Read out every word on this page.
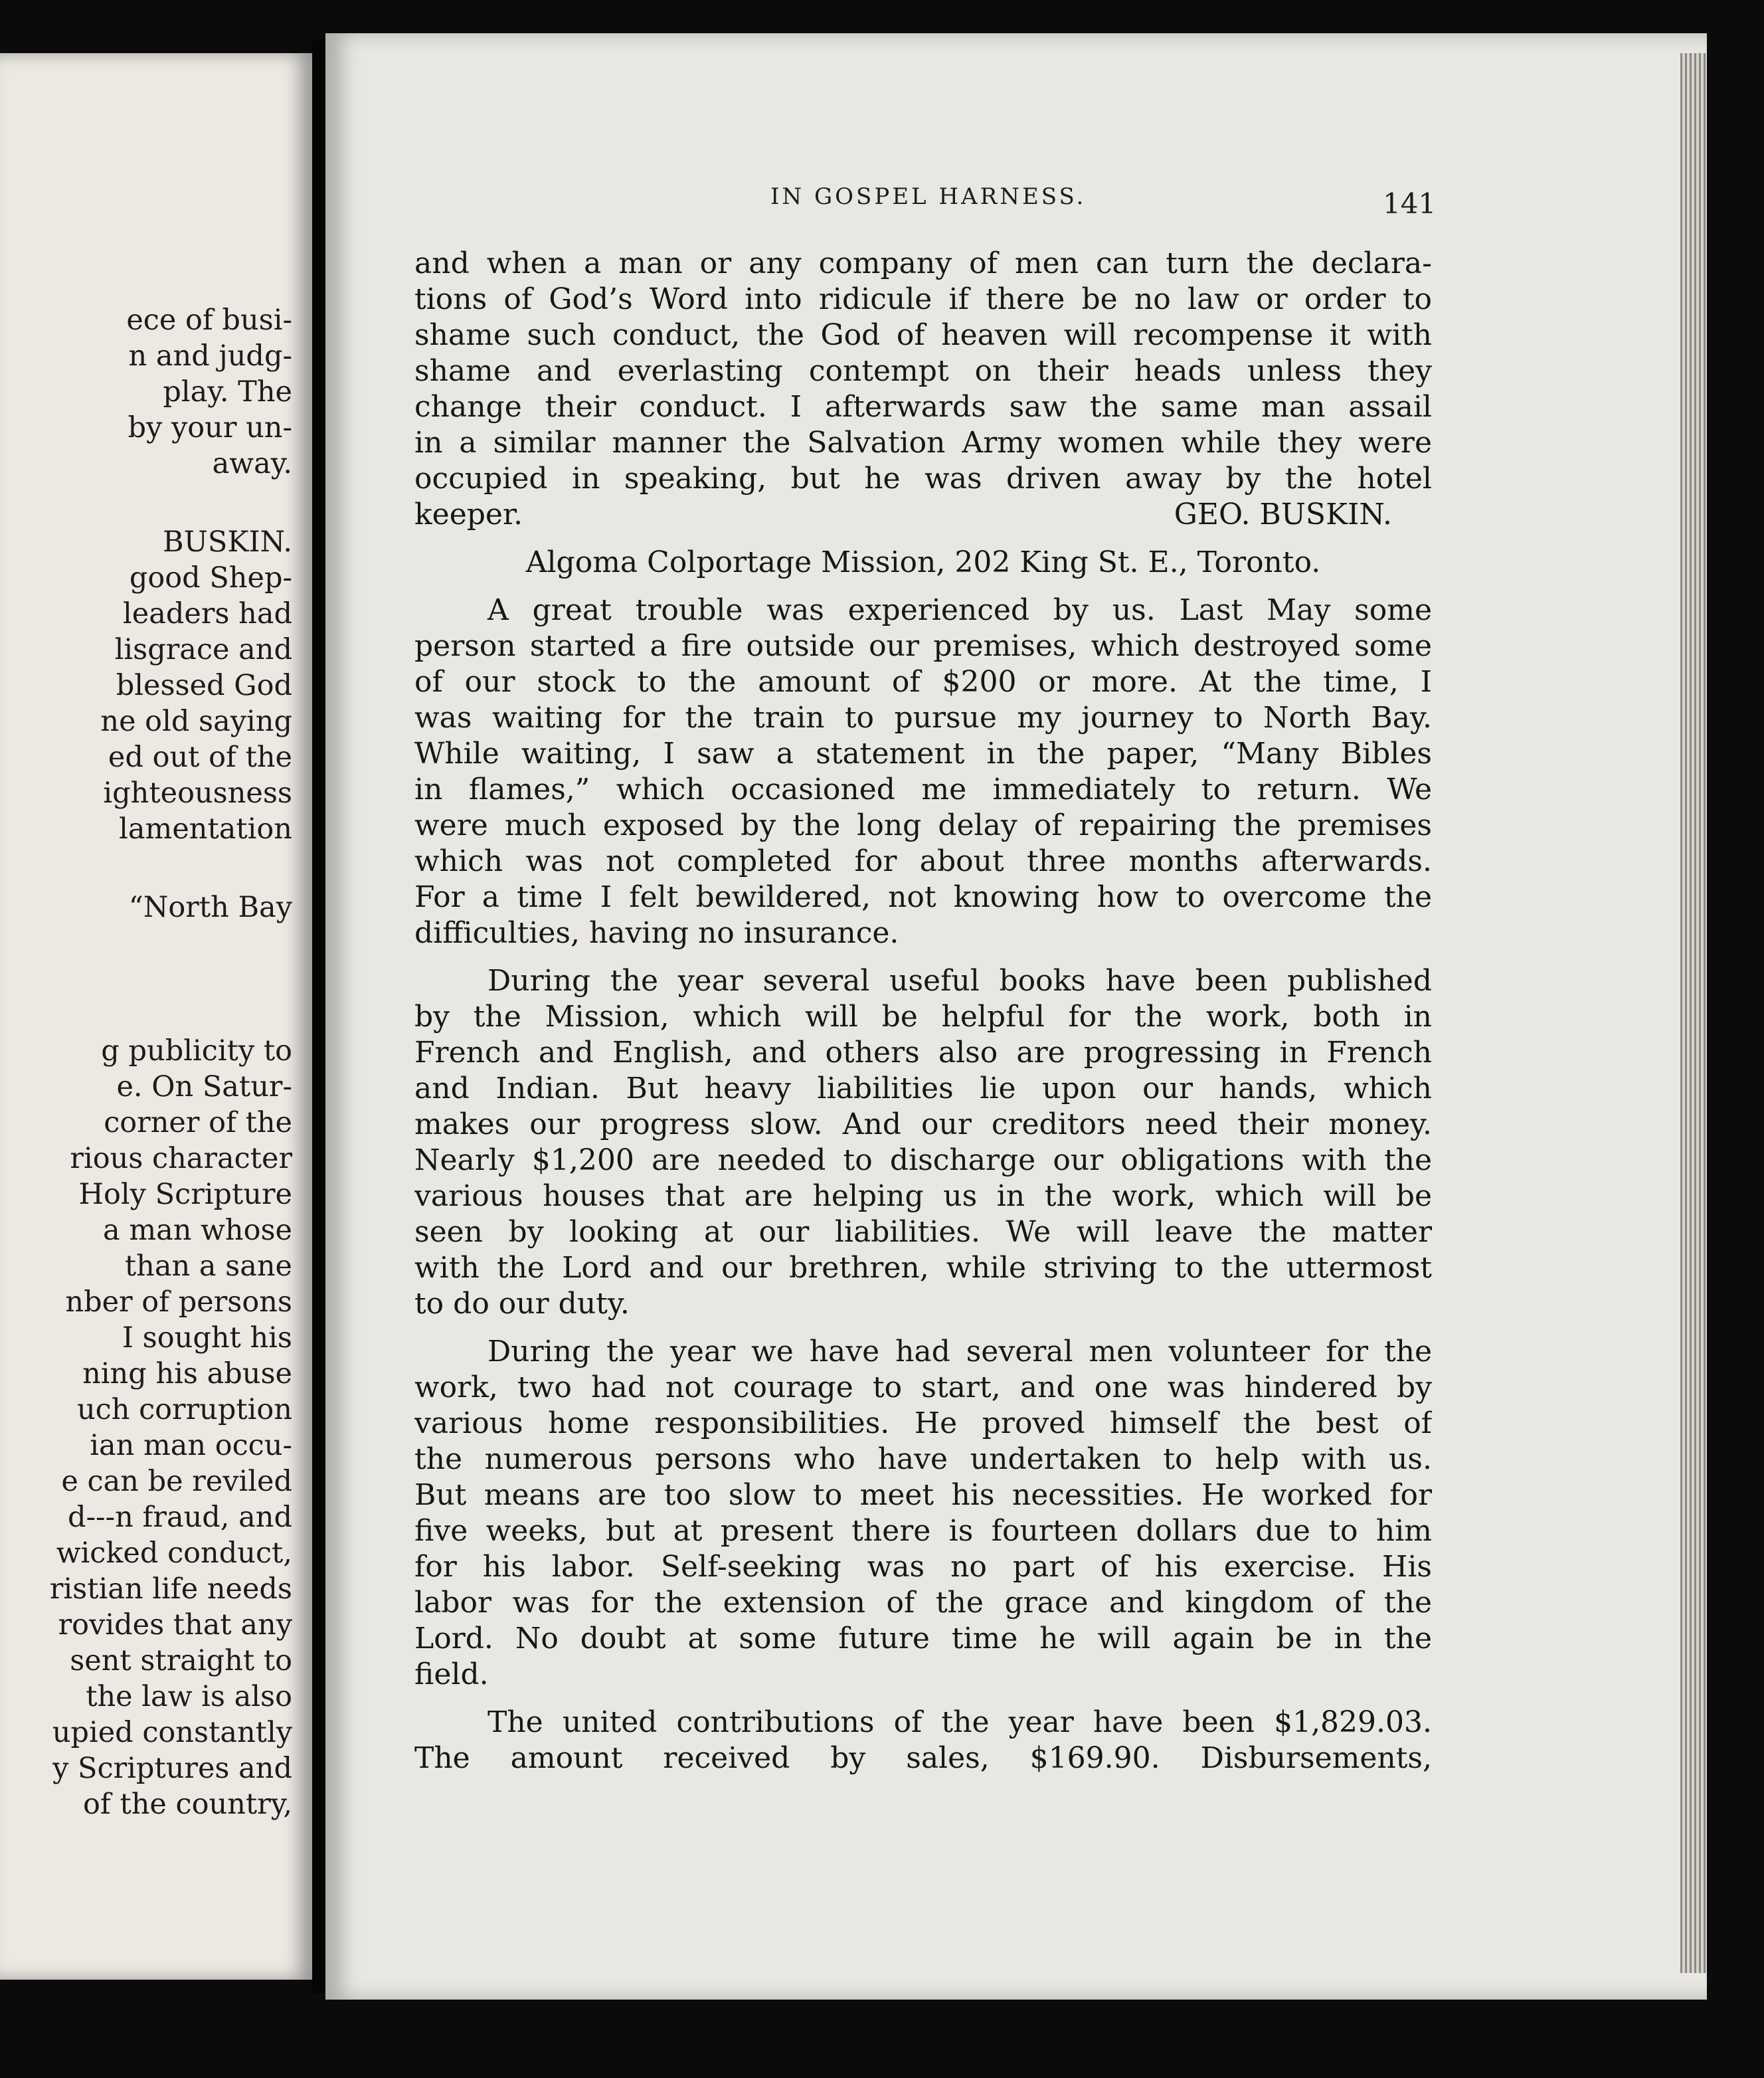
ece of busi-
n and judg-
play. The
by your un-
away.
BUSKIN.
good Shep-
leaders had
lisgrace and
blessed God
ne old saying
ed out of the
ighteousness
lamentation
“North Bay
g publicity to
e. On Satur-
corner of the
rious character
Holy Scripture
a man whose
than a sane
nber of persons
I sought his
ning his abuse
uch corruption
ian man occu-
e can be reviled
d---n fraud, and
wicked conduct,
ristian life needs
rovides that any
sent straight to
the law is also
upied constantly
y Scriptures and
of the country,
IN GOSPEL HARNESS.	141
and when a man or any company of men can turn the declara-
tions of God’s Word into ridicule if there be no law or order to
shame such conduct, the God of heaven will recompense it with
shame and everlasting contempt on their heads unless they
change their conduct. I afterwards saw the same man assail
in a similar manner the Salvation Army women while they were
occupied in speaking, but he was driven away by the hotel
keeper.	GEO. BUSKIN.
Algoma Colportage Mission, 202 King St. E., Toronto.
A great trouble was experienced by us. Last May some
person started a fire outside our premises, which destroyed some
of our stock to the amount of $200 or more. At the time, I
was waiting for the train to pursue my journey to North Bay.
While waiting, I saw a statement in the paper, “Many Bibles
in flames,” which occasioned me immediately to return. We
were much exposed by the long delay of repairing the premises
which was not completed for about three months afterwards.
For a time I felt bewildered, not knowing how to overcome the
difficulties, having no insurance.
During the year several useful books have been published
by the Mission, which will be helpful for the work, both in
French and English, and others also are progressing in French
and Indian. But heavy liabilities lie upon our hands, which
makes our progress slow. And our creditors need their money.
Nearly $1,200 are needed to discharge our obligations with the
various houses that are helping us in the work, which will be
seen by looking at our liabilities. We will leave the matter
with the Lord and our brethren, while striving to the uttermost
to do our duty.
During the year we have had several men volunteer for the
work, two had not courage to start, and one was hindered by
various home responsibilities. He proved himself the best of
the numerous persons who have undertaken to help with us.
But means are too slow to meet his necessities. He worked for
five weeks, but at present there is fourteen dollars due to him
for his labor. Self-seeking was no part of his exercise. His
labor was for the extension of the grace and kingdom of the
Lord. No doubt at some future time he will again be in the
field.
The united contributions of the year have been $1,829.03.
The amount received by sales, $169.90. Disbursements,
